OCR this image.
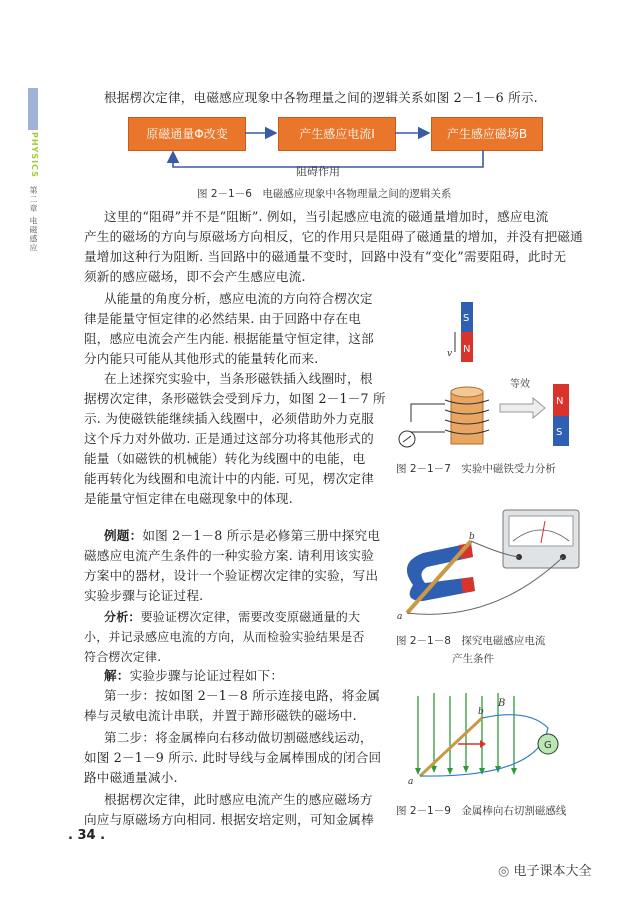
PHYSICS
第二章 电磁感应
根据楞次定律，电磁感应现象中各物理量之间的逻辑关系如图 2－1－6 所示.
原磁通量Φ改变	产生感应电流I	产生感应磁场B
阻碍作用
图 2－1－6　电磁感应现象中各物理量之间的逻辑关系
这里的“阻碍”并不是“阻断”. 例如，当引起感应电流的磁通量增加时，感应电流
产生的磁场的方向与原磁场方向相反，它的作用只是阻碍了磁通量的增加，并没有把磁通
量增加这种行为阻断. 当回路中的磁通量不变时，回路中没有“变化”需要阻碍，此时无
须新的感应磁场，即不会产生感应电流.
从能量的角度分析，感应电流的方向符合楞次定
律是能量守恒定律的必然结果. 由于回路中存在电
阻，感应电流会产生内能. 根据能量守恒定律，这部
分内能只可能从其他形式的能量转化而来.
在上述探究实验中，当条形磁铁插入线圈时，根
据楞次定律，条形磁铁会受到斥力，如图 2－1－7 所
示. 为使磁铁能继续插入线圈中，必须借助外力克服
这个斥力对外做功. 正是通过这部分功将其他形式的
能量（如磁铁的机械能）转化为线圈中的电能，电
能再转化为线圈和电流计中的内能. 可见，楞次定律
是能量守恒定律在电磁现象中的体现.
S
N
v
等效
N
S
图 2－1－7　实验中磁铁受力分析
例题：如图 2－1－8 所示是必修第三册中探究电
磁感应电流产生条件的一种实验方案. 请利用该实验
方案中的器材，设计一个验证楞次定律的实验，写出
实验步骤与论证过程.
分析：要验证楞次定律，需要改变原磁通量的大
小，并记录感应电流的方向，从而检验实验结果是否
符合楞次定律.
解：实验步骤与论证过程如下：
第一步：按如图 2－1－8 所示连接电路，将金属
棒与灵敏电流计串联，并置于蹄形磁铁的磁场中.
第二步：将金属棒向右移动做切割磁感线运动，
如图 2－1－9 所示. 此时导线与金属棒围成的闭合回
路中磁通量减小.
根据楞次定律，此时感应电流产生的感应磁场方
向应与原磁场方向相同. 根据安培定则，可知金属棒
b
a
图 2－1－8　探究电磁感应电流
产生条件
G
b
a
B
图 2－1－9　金属棒向右切割磁感线
. 34 .
◎ 电子课本大全
